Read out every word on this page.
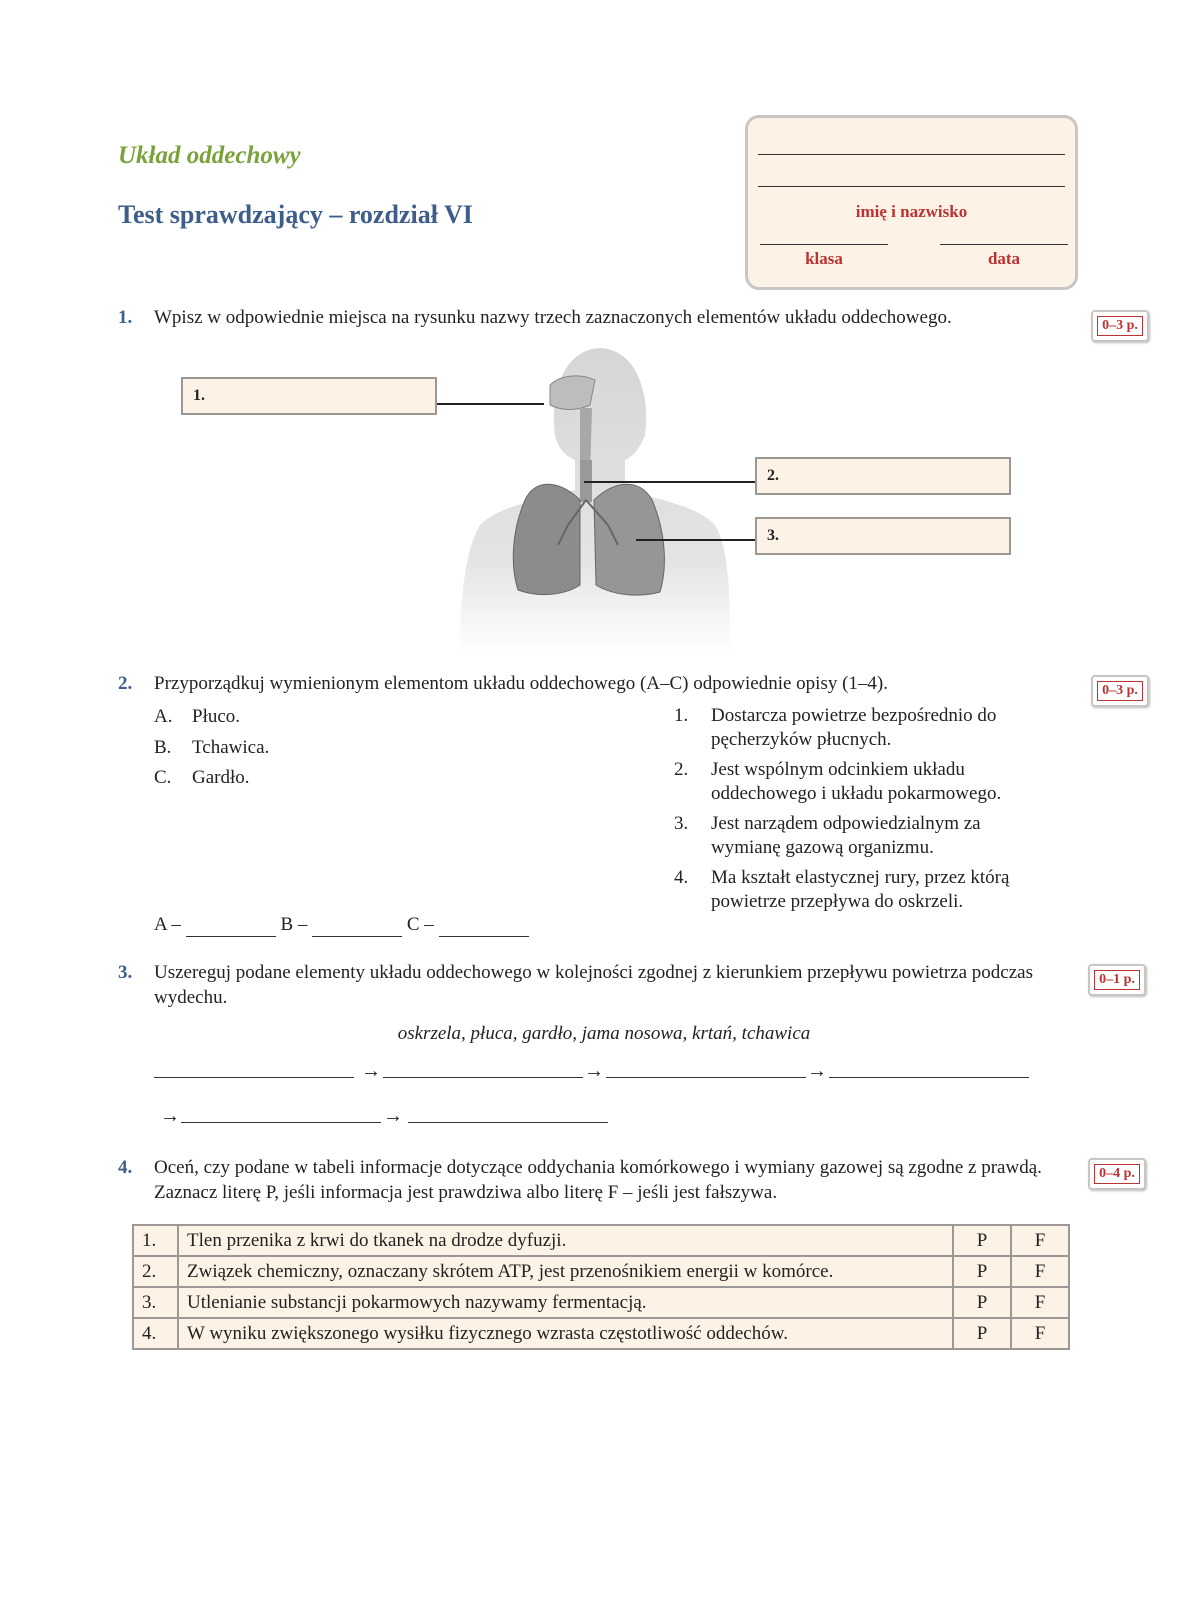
Układ oddechowy
Test sprawdzający – rozdział VI	imię i nazwisko
klasa	data
1. Wpisz w odpowiednie miejsca na rysunku nazwy trzech zaznaczonych elementów układu oddechowego.	0–3 p.
1.
2.
3.
2. Przyporządkuj wymienionym elementom układu oddechowego (A–C) odpowiednie opisy (1–4).	0–3 p.
A. Płuco.
B. Tchawica.
C. Gardło.
1. Dostarcza powietrze bezpośrednio do pęcherzyków płucnych.
2. Jest wspólnym odcinkiem układu oddechowego i układu pokarmowego.
3. Jest narządem odpowiedzialnym za wymianę gazową organizmu.
4. Ma kształt elastycznej rury, przez którą powietrze przepływa do oskrzeli.
A –	B –	C –
3. Uszereguj podane elementy układu oddechowego w kolejności zgodnej z kierunkiem przepływu powietrza podczas wydechu.
0–1 p.
oskrzela, płuca, gardło, jama nosowa, krtań, tchawica
→	→	→
→	→
4. Oceń, czy podane w tabeli informacje dotyczące oddychania komórkowego i wymiany gazowej są zgodne z prawdą. Zaznacz literę P, jeśli informacja jest prawdziwa albo literę F – jeśli jest fałszywa.
0–4 p.
1.	Tlen przenika z krwi do tkanek na drodze dyfuzji.	P	F
2.	Związek chemiczny, oznaczany skrótem ATP, jest przenośnikiem energii w komórce.	P	F
3.	Utlenianie substancji pokarmowych nazywamy fermentacją.	P	F
4.	W wyniku zwiększonego wysiłku fizycznego wzrasta częstotliwość oddechów.	P	F
